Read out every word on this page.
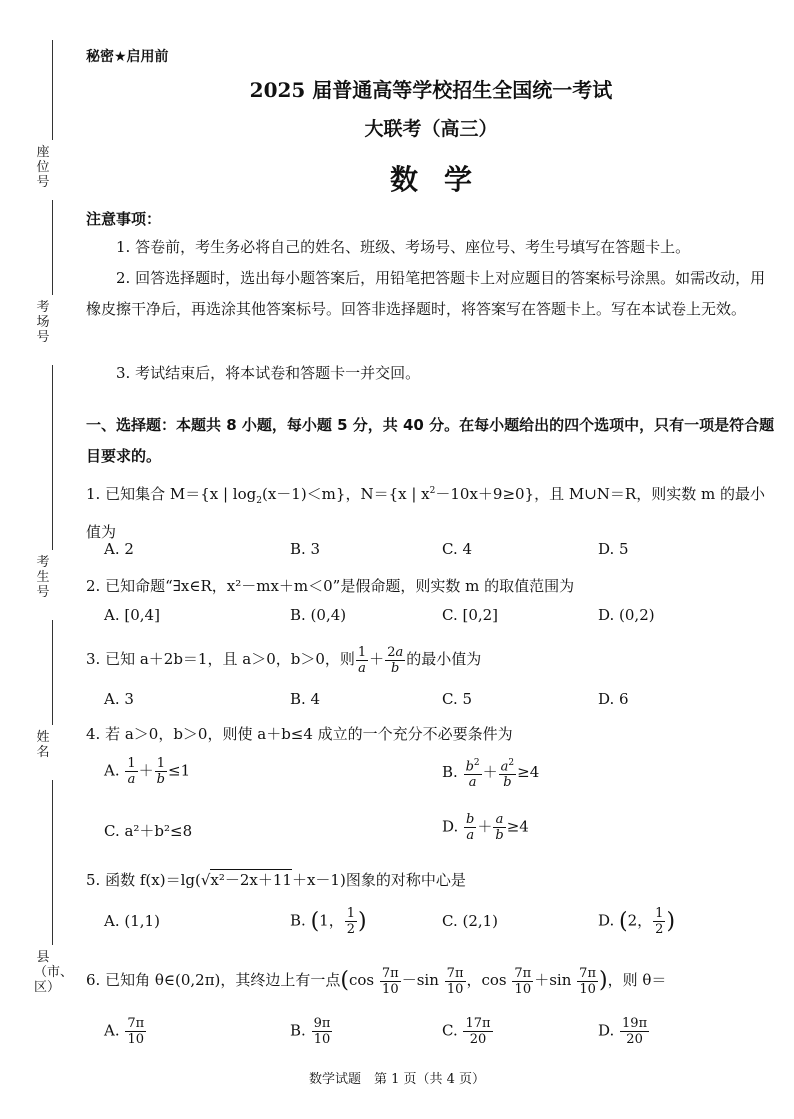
座位号
考场号
考生号
姓名
县（市、区）
秘密★启用前
2025 届普通高等学校招生全国统一考试
大联考（高三）
数学
注意事项：
1. 答卷前，考生务必将自己的姓名、班级、考场号、座位号、考生号填写在答题卡上。
2. 回答选择题时，选出每小题答案后，用铅笔把答题卡上对应题目的答案标号涂黑。如需改动，用橡皮擦干净后，再选涂其他答案标号。回答非选择题时，将答案写在答题卡上。写在本试卷上无效。
3. 考试结束后，将本试卷和答题卡一并交回。
一、选择题：本题共 8 小题，每小题 5 分，共 40 分。在每小题给出的四个选项中，只有一项是符合题目要求的。
1. 已知集合 M＝{x | $\log_2(x-1)<m$}，N＝{x | $x^2-10x+9\ge 0$}，且 M∪N＝R，则实数 m 的最小值为
A. 2	B. 3	C. 4	D. 5
2. 已知命题“∃x∈R，x²－mx＋m＜0”是假命题，则实数 m 的取值范围为
A. [0,4]	B. (0,4)	C. [0,2]	D. (0,2)
3. 已知 a＋2b＝1，且 a＞0，b＞0，则 $\frac{1}{a} + \frac{2a}{b}$ 的最小值为
A. 3	B. 4	C. 5	D. 6
4. 若 a＞0，b＞0，则使 a＋b≤4 成立的一个充分不必要条件为
A. $\frac{1}{a} + \frac{1}{b} \le 1$	B. $\frac{b^2}{a} + \frac{a^2}{b} \ge 4$
C. a²＋b²≤8	D. $\frac{b}{a} + \frac{a}{b} \ge 4$
5. 函数 f(x)＝lg(√x²－2x＋11＋x－1)图象的对称中心是
A. (1,1)	B. (1， $\frac{1}{2}$ )	C. (2,1)	D. (2， $\frac{1}{2}$ )
6. 已知角 θ∈(0,2π)，其终边上有一点($\cos \frac{7\pi}{10} -\sin \frac{7\pi}{10}$ ，$\cos \frac{7\pi}{10} +\sin \frac{7\pi}{10}$ )，则 θ＝
A. $\frac{7\pi}{10}$	B. $\frac{9\pi}{10}$	C. $\frac{17\pi}{20}$	D. $\frac{19\pi}{20}$
数学试题　第 1 页（共 4 页）
